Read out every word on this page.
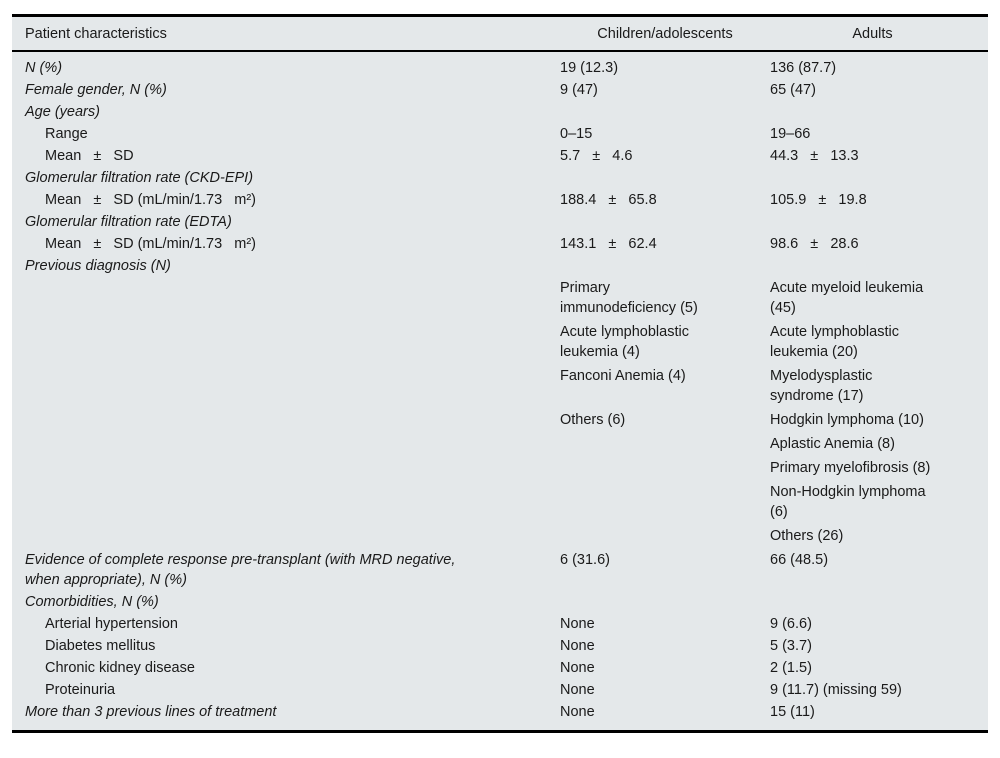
Patient characteristics	Children/adolescents	Adults
N (%)	19 (12.3)	136 (87.7)
Female gender, N (%)	9 (47)	65 (47)
Age (years)		
Range	0–15	19–66
Mean   ±   SD	5.7   ±   4.6	44.3   ±   13.3
Glomerular filtration rate (CKD-EPI)		
Mean   ±   SD (mL/min/1.73   m²)	188.4   ±   65.8	105.9   ±   19.8
Glomerular filtration rate (EDTA)		
Mean   ±   SD (mL/min/1.73   m²)	143.1   ±   62.4	98.6   ±   28.6
Previous diagnosis (N)		
	Primary immunodeficiency (5)	Acute myeloid leukemia (45)
	Acute lymphoblastic leukemia (4)	Acute lymphoblastic leukemia (20)
	Fanconi Anemia (4)	Myelodysplastic syndrome (17)
	Others (6)	Hodgkin lymphoma (10)
		Aplastic Anemia (8)
		Primary myelofibrosis (8)
		Non-Hodgkin lymphoma (6)
		Others (26)
Evidence of complete response pre-transplant (with MRD negative, when appropriate), N (%)	6 (31.6)	66 (48.5)
Comorbidities, N (%)		
Arterial hypertension	None	9 (6.6)
Diabetes mellitus	None	5 (3.7)
Chronic kidney disease	None	2 (1.5)
Proteinuria	None	9 (11.7) (missing 59)
More than 3 previous lines of treatment	None	15 (11)
